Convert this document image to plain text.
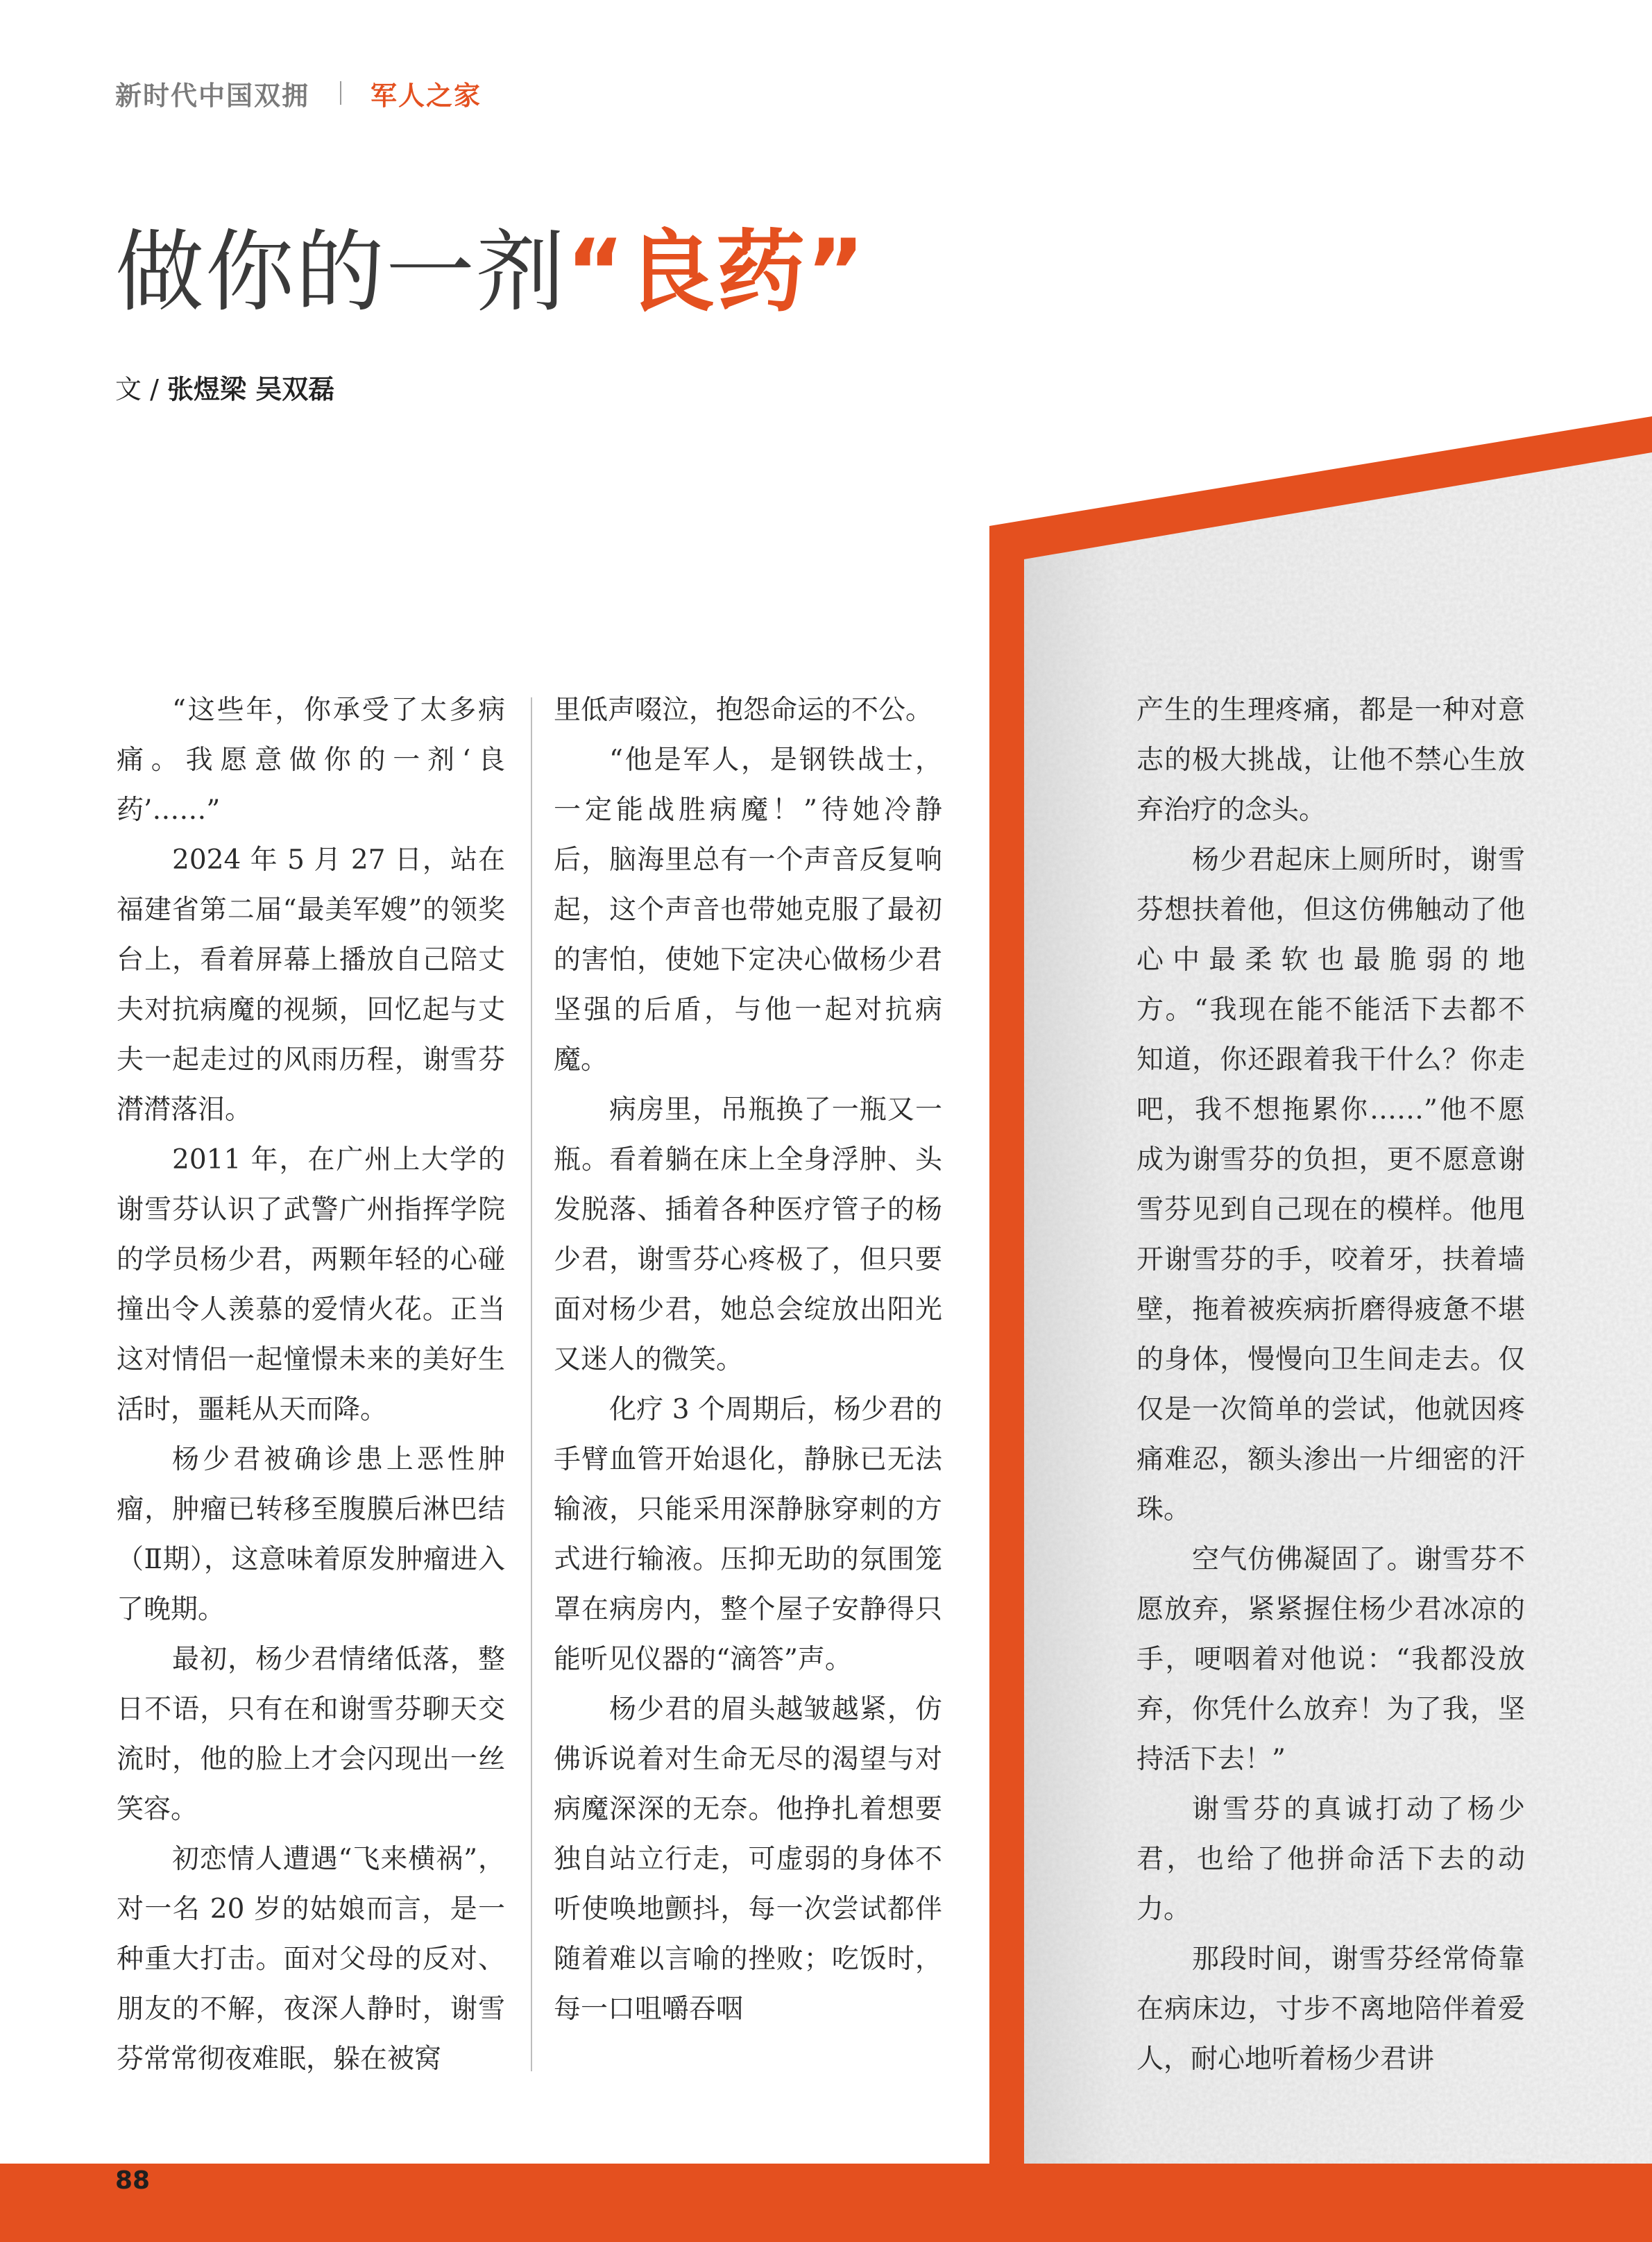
新时代中国双拥 军人之家
做你的一剂“良药”
文 / 张煜梁 吴双磊

“这些年，你承受了太多病痛。我愿意做你的一剂‘良药’……”

2024 年 5 月 27 日，站在福建省第二届“最美军嫂”的领奖台上，看着屏幕上播放自己陪丈夫对抗病魔的视频，回忆起与丈夫一起走过的风雨历程，谢雪芬潸潸落泪。

2011 年，在广州上大学的谢雪芬认识了武警广州指挥学院的学员杨少君，两颗年轻的心碰撞出令人羡慕的爱情火花。正当这对情侣一起憧憬未来的美好生活时，噩耗从天而降。

杨少君被确诊患上恶性肿瘤，肿瘤已转移至腹膜后淋巴结（Ⅱ期），这意味着原发肿瘤进入了晚期。

最初，杨少君情绪低落，整日不语，只有在和谢雪芬聊天交流时，他的脸上才会闪现出一丝笑容。

初恋情人遭遇“飞来横祸”，对一名 20 岁的姑娘而言，是一种重大打击。面对父母的反对、朋友的不解，夜深人静时，谢雪芬常常彻夜难眠，躲在被窝

里低声啜泣，抱怨命运的不公。

“他是军人，是钢铁战士，一定能战胜病魔！”待她冷静后，脑海里总有一个声音反复响起，这个声音也带她克服了最初的害怕，使她下定决心做杨少君坚强的后盾，与他一起对抗病魔。

病房里，吊瓶换了一瓶又一瓶。看着躺在床上全身浮肿、头发脱落、插着各种医疗管子的杨少君，谢雪芬心疼极了，但只要面对杨少君，她总会绽放出阳光又迷人的微笑。

化疗 3 个周期后，杨少君的手臂血管开始退化，静脉已无法输液，只能采用深静脉穿刺的方式进行输液。压抑无助的氛围笼罩在病房内，整个屋子安静得只能听见仪器的“滴答”声。

杨少君的眉头越皱越紧，仿佛诉说着对生命无尽的渴望与对病魔深深的无奈。他挣扎着想要独自站立行走，可虚弱的身体不听使唤地颤抖，每一次尝试都伴随着难以言喻的挫败；吃饭时，每一口咀嚼吞咽

产生的生理疼痛，都是一种对意志的极大挑战，让他不禁心生放弃治疗的念头。

杨少君起床上厕所时，谢雪芬想扶着他，但这仿佛触动了他心中最柔软也最脆弱的地方。“我现在能不能活下去都不知道，你还跟着我干什么？你走吧，我不想拖累你……”他不愿成为谢雪芬的负担，更不愿意谢雪芬见到自己现在的模样。他甩开谢雪芬的手，咬着牙，扶着墙壁，拖着被疾病折磨得疲惫不堪的身体，慢慢向卫生间走去。仅仅是一次简单的尝试，他就因疼痛难忍，额头渗出一片细密的汗珠。

空气仿佛凝固了。谢雪芬不愿放弃，紧紧握住杨少君冰凉的手，哽咽着对他说：“我都没放弃，你凭什么放弃！为了我，坚持活下去！”

谢雪芬的真诚打动了杨少君，也给了他拼命活下去的动力。

那段时间，谢雪芬经常倚靠在病床边，寸步不离地陪伴着爱人，耐心地听着杨少君讲

88
